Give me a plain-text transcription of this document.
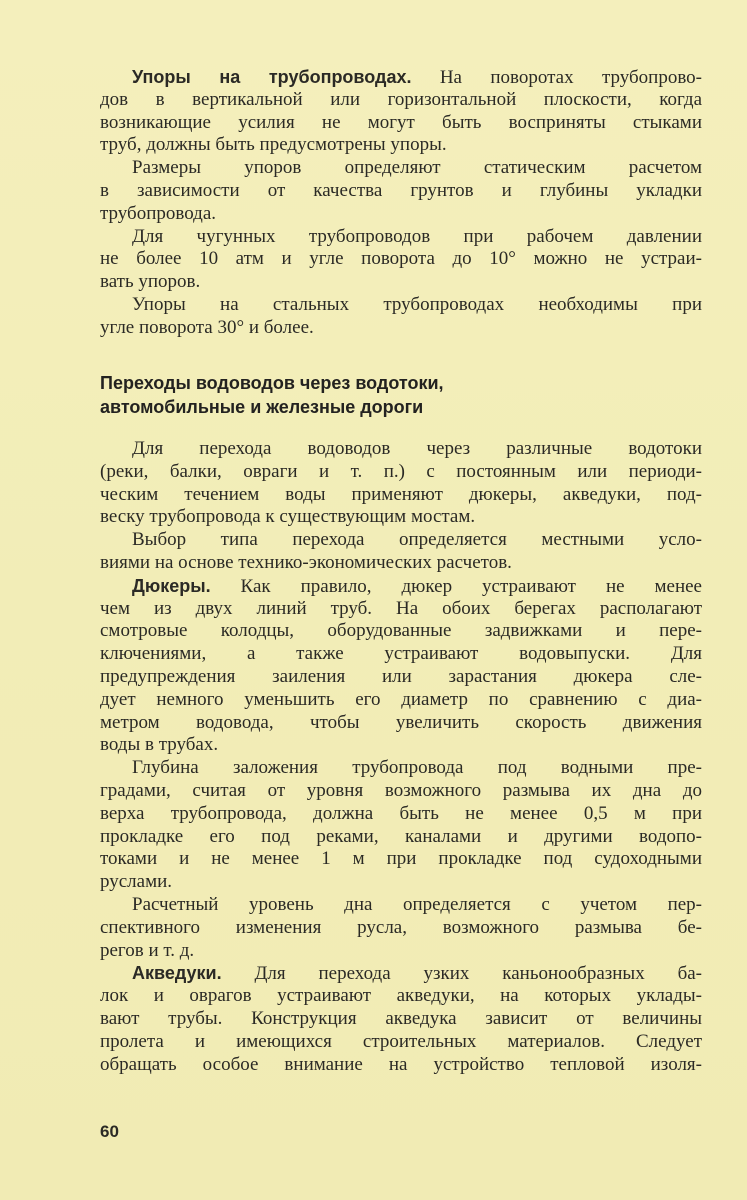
Упоры на трубопроводах. На поворотах трубопрово-
дов в вертикальной или горизонтальной плоскости, когда
возникающие усилия не могут быть восприняты стыками
труб, должны быть предусмотрены упоры.
Размеры упоров определяют статическим расчетом
в зависимости от качества грунтов и глубины укладки
трубопровода.
Для чугунных трубопроводов при рабочем давлении
не более 10 атм и угле поворота до 10° можно не устраи-
вать упоров.
Упоры на стальных трубопроводах необходимы при
угле поворота 30° и более.
Переходы водоводов через водотоки,
автомобильные и железные дороги
Для перехода водоводов через различные водотоки
(реки, балки, овраги и т. п.) с постоянным или периоди-
ческим течением воды применяют дюкеры, акведуки, под-
веску трубопровода к существующим мостам.
Выбор типа перехода определяется местными усло-
виями на основе технико-экономических расчетов.
Дюкеры. Как правило, дюкер устраивают не менее
чем из двух линий труб. На обоих берегах располагают
смотровые колодцы, оборудованные задвижками и пере-
ключениями, а также устраивают водовыпуски. Для
предупреждения заиления или зарастания дюкера сле-
дует немного уменьшить его диаметр по сравнению с диа-
метром водовода, чтобы увеличить скорость движения
воды в трубах.
Глубина заложения трубопровода под водными пре-
градами, считая от уровня возможного размыва их дна до
верха трубопровода, должна быть не менее 0,5 м при
прокладке его под реками, каналами и другими водопо-
токами и не менее 1 м при прокладке под судоходными
руслами.
Расчетный уровень дна определяется с учетом пер-
спективного изменения русла, возможного размыва бе-
регов и т. д.
Акведуки. Для перехода узких каньонообразных ба-
лок и оврагов устраивают акведуки, на которых уклады-
вают трубы. Конструкция акведука зависит от величины
пролета и имеющихся строительных материалов. Следует
обращать особое внимание на устройство тепловой изоля-
60
